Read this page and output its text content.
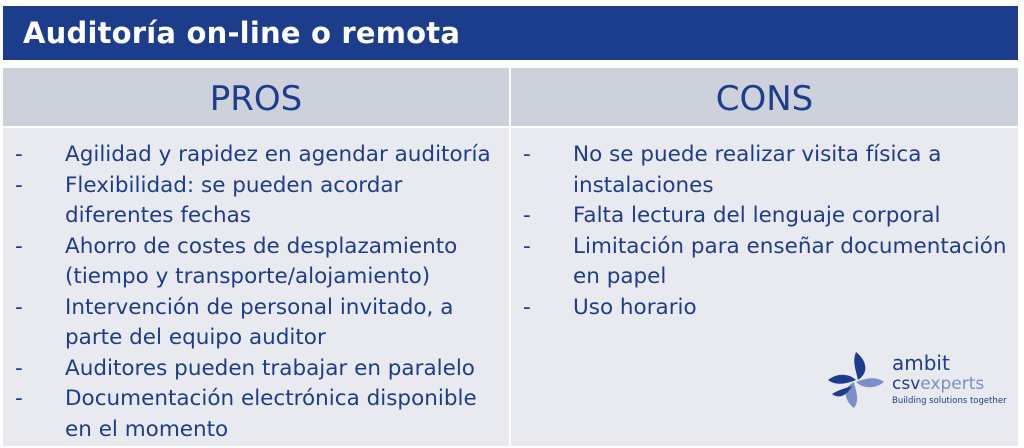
Auditoría on-line o remota
PROS	CONS
- Agilidad y rapidez en agendar auditoría
- Flexibilidad: se pueden acordar diferentes fechas
- Ahorro de costes de desplazamiento (tiempo y transporte/alojamiento)
- Intervención de personal invitado, a parte del equipo auditor
- Auditores pueden trabajar en paralelo
- Documentación electrónica disponible en el momento
- No se puede realizar visita física a instalaciones
- Falta lectura del lenguaje corporal
- Limitación para enseñar documentación en papel
- Uso horario
ambit
csvexperts
Building solutions together
